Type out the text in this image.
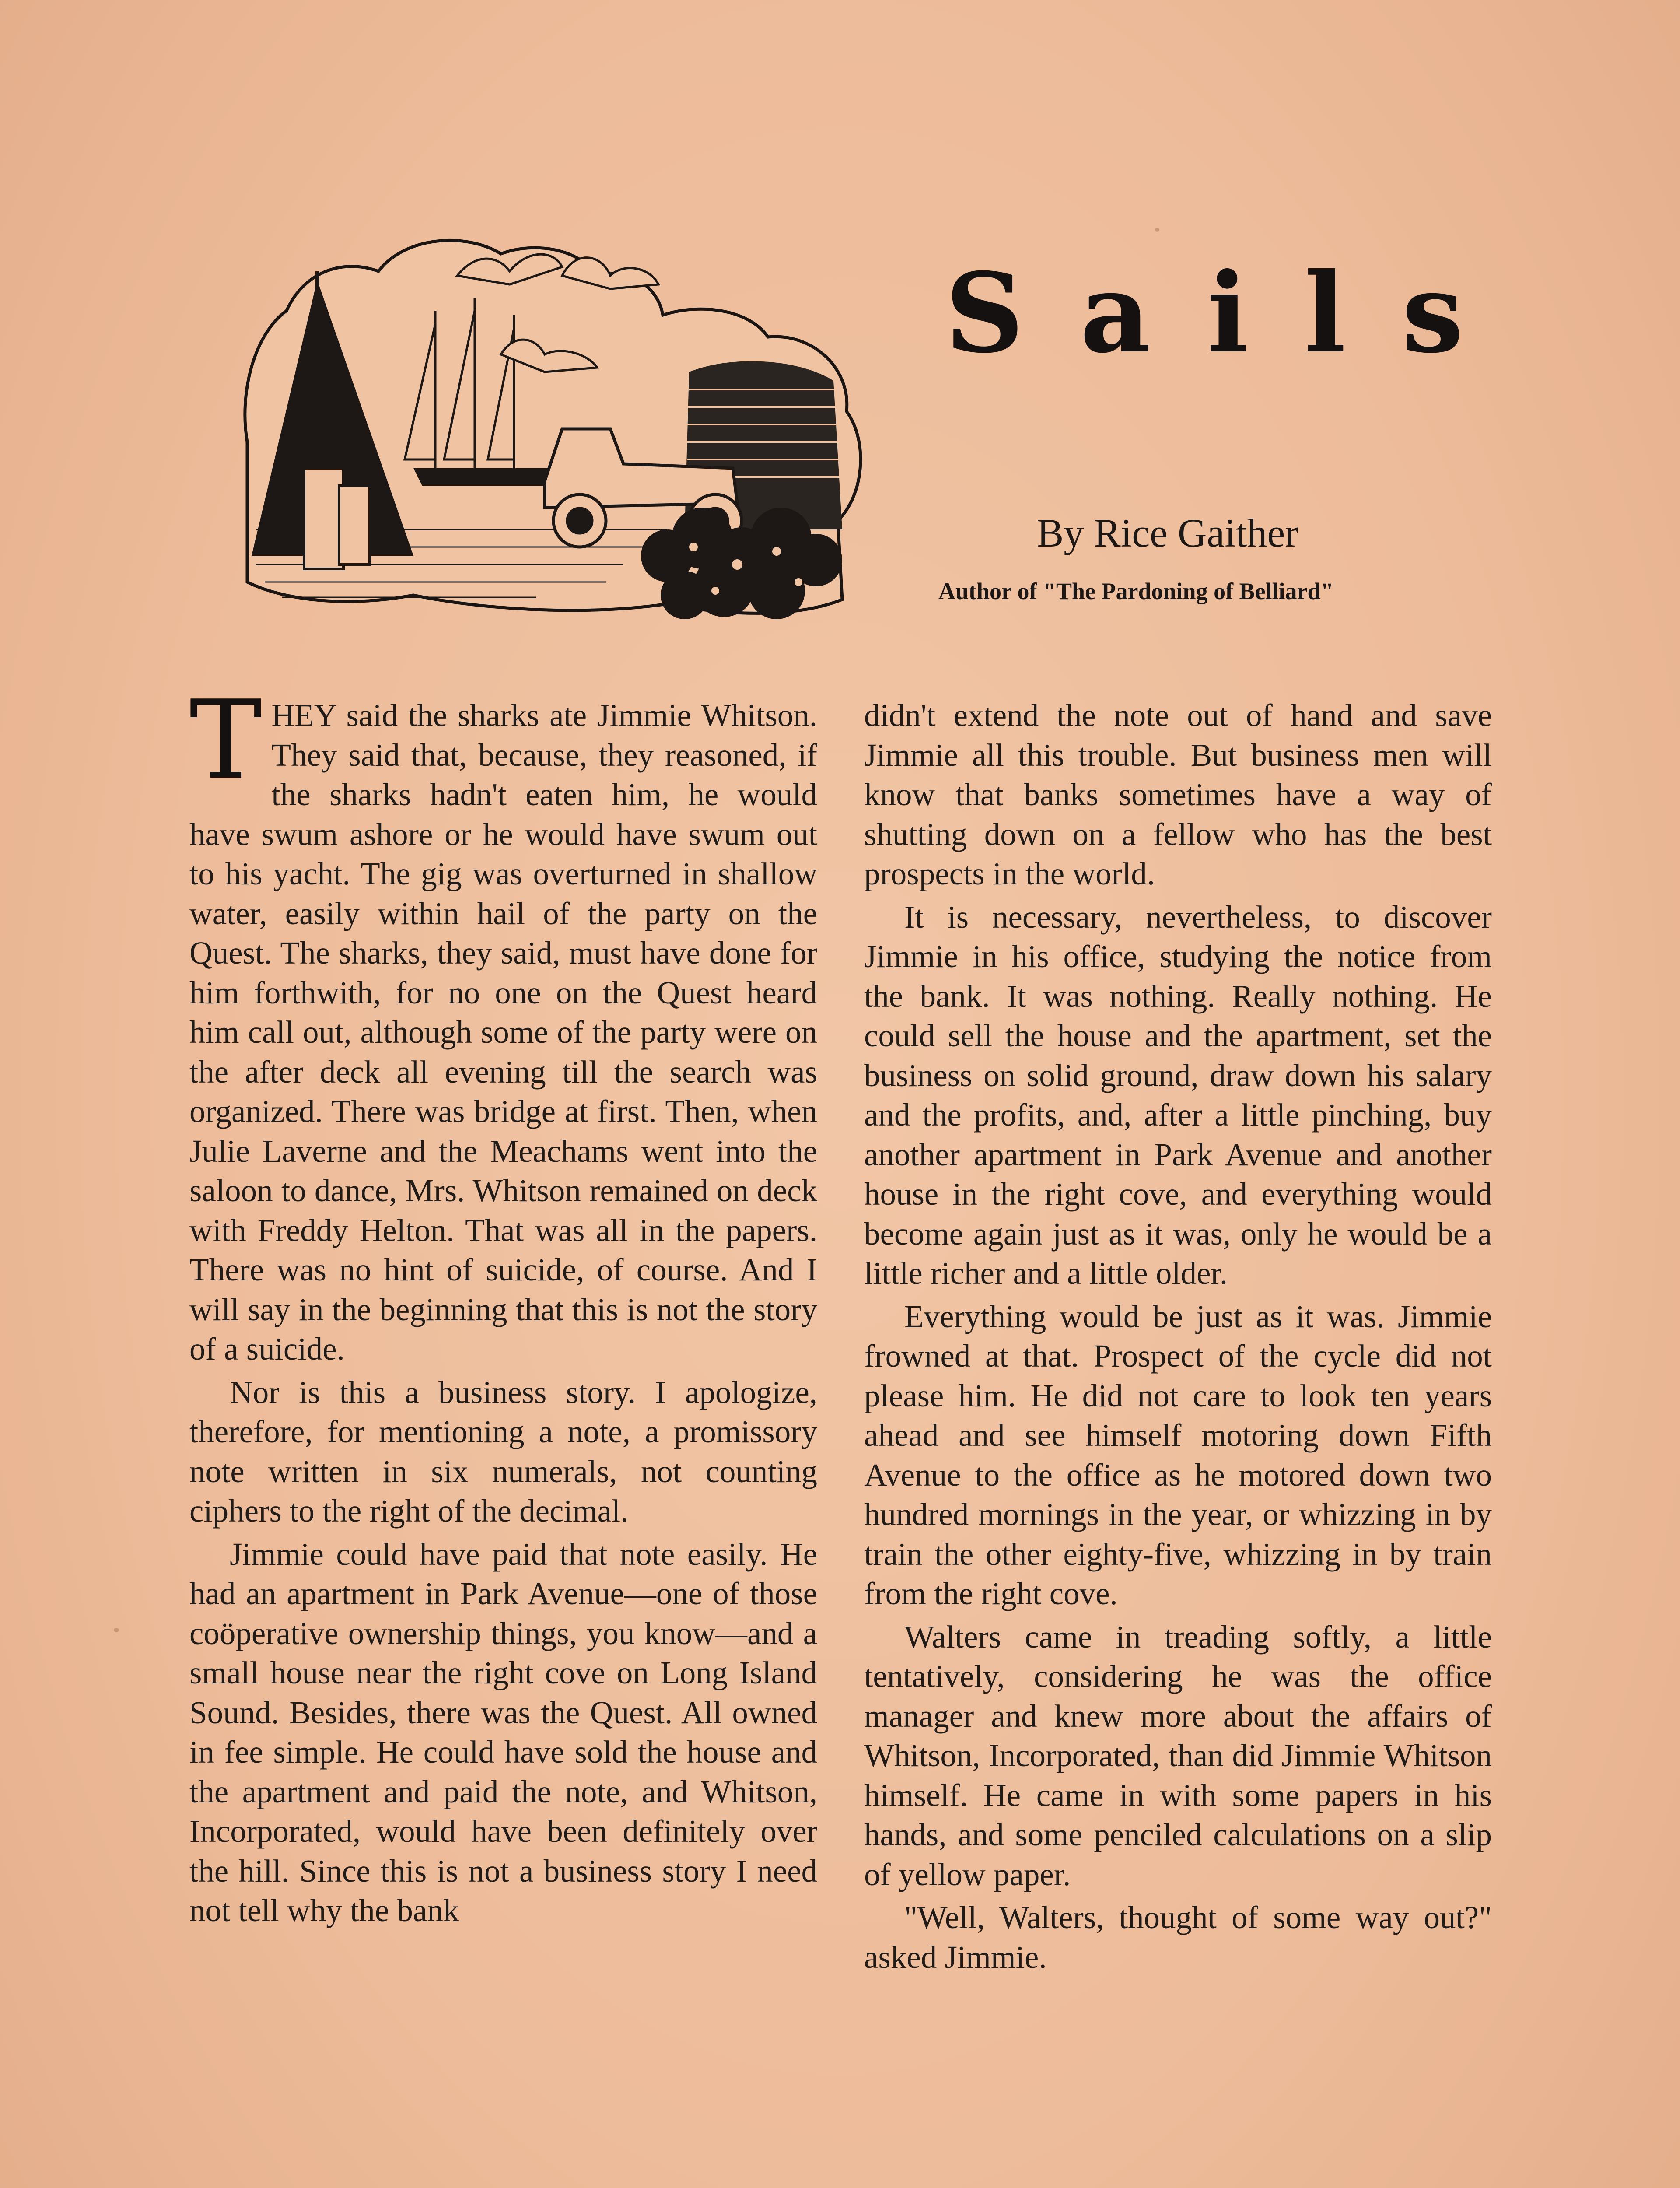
Sails
By Rice Gaither
Author of "The Pardoning of Belliard"

T HEY said the sharks ate Jimmie Whitson. They said that, because, they reasoned, if the sharks hadn't eaten him, he would have swum ashore or he would have swum out to his yacht. The gig was overturned in shallow water, easily within hail of the party on the Quest. The sharks, they said, must have done for him forthwith, for no one on the Quest heard him call out, although some of the party were on the after deck all evening till the search was organized. There was bridge at first. Then, when Julie Laverne and the Meachams went into the saloon to dance, Mrs. Whitson remained on deck with Freddy Helton. That was all in the papers. There was no hint of suicide, of course. And I will say in the beginning that this is not the story of a suicide.

Nor is this a business story. I apologize, therefore, for mentioning a note, a promissory note written in six numerals, not counting ciphers to the right of the decimal.

Jimmie could have paid that note easily. He had an apartment in Park Avenue—one of those coöperative ownership things, you know—and a small house near the right cove on Long Island Sound. Besides, there was the Quest. All owned in fee simple. He could have sold the house and the apartment and paid the note, and Whitson, Incorporated, would have been definitely over the hill. Since this is not a business story I need not tell why the bank

didn't extend the note out of hand and save Jimmie all this trouble. But business men will know that banks sometimes have a way of shutting down on a fellow who has the best prospects in the world.

It is necessary, nevertheless, to discover Jimmie in his office, studying the notice from the bank. It was nothing. Really nothing. He could sell the house and the apartment, set the business on solid ground, draw down his salary and the profits, and, after a little pinching, buy another apartment in Park Avenue and another house in the right cove, and everything would become again just as it was, only he would be a little richer and a little older.

Everything would be just as it was. Jimmie frowned at that. Prospect of the cycle did not please him. He did not care to look ten years ahead and see himself motoring down Fifth Avenue to the office as he motored down two hundred mornings in the year, or whizzing in by train the other eighty-five, whizzing in by train from the right cove.

Walters came in treading softly, a little tentatively, considering he was the office manager and knew more about the affairs of Whitson, Incorporated, than did Jimmie Whitson himself. He came in with some papers in his hands, and some penciled calculations on a slip of yellow paper.

"Well, Walters, thought of some way out?" asked Jimmie.
